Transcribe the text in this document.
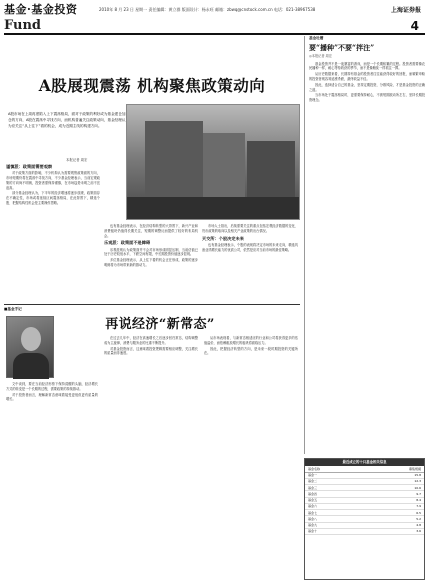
基金·基金投资
Fund
2010年 8 月 23 日 星期一 责任编辑：黄立群 版面设计：杨永旺 邮箱：zbwq@cnstock.com.cn 电话：021-38967538	上海证券报
4
A股展现震荡 机构聚焦政策动向
A股市场在上周再度陷入上下震荡格局，面对于政策的利好或为基金建仓加仓的方向，A股在震荡中寻找方向，而机构普遍关注政策动向，基金经理认为应关注“从上往下”看的机会，成为近期主线的构建方向。
本报记者 周宏
谨慎派：政策面需要观察

对于政策方面的影响，不少机构认为需要观察政策面的方向，市场短期仍将在震荡中寻找方向，不少基金经理表示，当前宏观政策的方向尚不明朗，投资者需保持谨慎，在市场趋势未明之前不宜追高。

部分基金经理认为，下半年的经济增速将逐步放缓，政策面存在不确定性，市场或将延续区间震荡格局，在此背景下，精选个股、把握结构性机会是主要操作思路。

也有基金经理表示，在经济结构转型的大背景下，新兴产业和消费板块仍值得长期关注，短期的调整反而提供了较好的布局机会。

乐观派：政策面不是障碍

乐观派则认为政策面并不会对市场形成明显压制，当前估值已处于历史较低水平，下跌空间有限，中长期投资价值逐步显现。

多位基金经理表示，从上往下看的机会正在形成，政策的逐步明朗将为市场带来新的推动力。

市场人士指出，后续需要关注的重点包括宏观经济数据的变化、货币政策的取向以及相关产业政策的出台情况。

天交所：个股决定未来

也有基金经理表示，个股的表现将决定市场的未来走向，精选具备业绩增长能力的优质公司，依然是应对当前市场的最佳策略。

基金吐槽
要“播种”不要“拌注”
◎本报记者 周宏

基金投资并不是一夜暴富的游戏，而是一个长期积累的过程。投资者需要像农民播种一样，耐心等待收获的季节，而不是像赌徒一样孤注一掷。

从历史数据来看，长期持有基金的投资者往往能获得较好的回报，而频繁申赎的投资者则容易追涨杀跌，最终收益不佳。

因此，选择适合自己的基金，坚持定期投资，分散风险，才是基金投资的正确之道。

当市场处于震荡格局时，更需要保持耐心，不被短期波动所左右，坚持长期投资理念。

■基金手记
再说经济“新常态”

文中谈到，要在当前经济形势下保持清醒的头脑，经济增长方式的转变是一个长期的过程，需要政策的持续推动。

对于投资者而言，理解新常态意味着接受更低但更有质量的增长。

在过去几年中，经济在高速增长之后逐步回归常态，结构调整成为主旋律，消费与服务业的比重不断提升。

对基金投资而言，这意味着投资逻辑需要相应调整，关注增长的质量而非速度。

从市场表现看，与新常态相适应的行业和公司将获得更多的估值溢价，而依赖粗放增长的板块将面临压力。

因此，把握经济转型的方向，是未来一段时期投资的关键所在。

最近成立的十只基金相关信息
基金名称	募集规模
基金一	15.8
基金二	12.3
基金三	10.6
基金四	9.7
基金五	8.4
基金六	7.9
基金七	6.5
基金八	5.2
基金九	4.8
基金十	3.6
